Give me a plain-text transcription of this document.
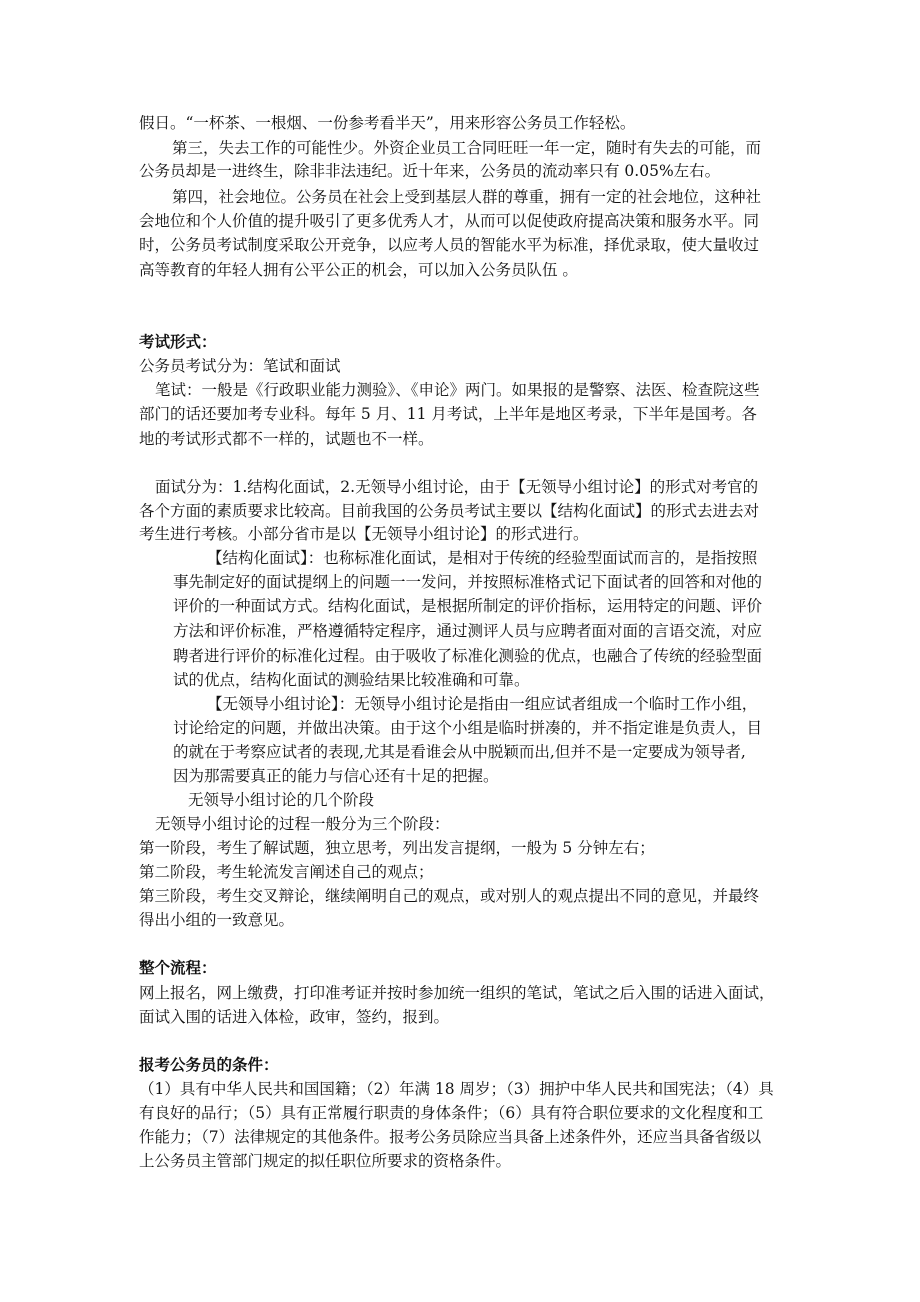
假日。“一杯茶、一根烟、一份参考看半天”，用来形容公务员工作轻松。
第三，失去工作的可能性少。外资企业员工合同旺旺一年一定，随时有失去的可能，而
公务员却是一进终生，除非非法违纪。近十年来，公务员的流动率只有 0.05%左右。
第四，社会地位。公务员在社会上受到基层人群的尊重，拥有一定的社会地位，这种社
会地位和个人价值的提升吸引了更多优秀人才，从而可以促使政府提高决策和服务水平。同
时，公务员考试制度采取公开竞争，以应考人员的智能水平为标准，择优录取，使大量收过
高等教育的年轻人拥有公平公正的机会，可以加入公务员队伍 。
考试形式：
公务员考试分为：笔试和面试
笔试：一般是《行政职业能力测验》、《申论》两门。如果报的是警察、法医、检查院这些
部门的话还要加考专业科。每年 5 月、11 月考试，上半年是地区考录，下半年是国考。各
地的考试形式都不一样的，试题也不一样。
面试分为：1.结构化面试，2.无领导小组讨论，由于【无领导小组讨论】的形式对考官的
各个方面的素质要求比较高。目前我国的公务员考试主要以【结构化面试】的形式去进去对
考生进行考核。小部分省市是以【无领导小组讨论】的形式进行。
【结构化面试】：也称标准化面试，是相对于传统的经验型面试而言的，是指按照
事先制定好的面试提纲上的问题一一发问，并按照标准格式记下面试者的回答和对他的
评价的一种面试方式。结构化面试，是根据所制定的评价指标，运用特定的问题、评价
方法和评价标准，严格遵循特定程序，通过测评人员与应聘者面对面的言语交流，对应
聘者进行评价的标准化过程。由于吸收了标准化测验的优点，也融合了传统的经验型面
试的优点，结构化面试的测验结果比较准确和可靠。
【无领导小组讨论】：无领导小组讨论是指由一组应试者组成一个临时工作小组，
讨论给定的问题，并做出决策。由于这个小组是临时拼凑的，并不指定谁是负责人，目
的就在于考察应试者的表现,尤其是看谁会从中脱颖而出,但并不是一定要成为领导者,
因为那需要真正的能力与信心还有十足的把握。
无领导小组讨论的几个阶段
无领导小组讨论的过程一般分为三个阶段：
第一阶段，考生了解试题，独立思考，列出发言提纲，一般为 5 分钟左右；
第二阶段，考生轮流发言阐述自己的观点；
第三阶段，考生交叉辩论，继续阐明自己的观点，或对别人的观点提出不同的意见，并最终
得出小组的一致意见。
整个流程：
网上报名，网上缴费，打印准考证并按时参加统一组织的笔试，笔试之后入围的话进入面试，
面试入围的话进入体检，政审，签约，报到。
报考公务员的条件：
（1）具有中华人民共和国国籍；（2）年满 18 周岁；（3）拥护中华人民共和国宪法；（4）具
有良好的品行；（5）具有正常履行职责的身体条件；（6）具有符合职位要求的文化程度和工
作能力；（7）法律规定的其他条件。报考公务员除应当具备上述条件外，还应当具备省级以
上公务员主管部门规定的拟任职位所要求的资格条件。
